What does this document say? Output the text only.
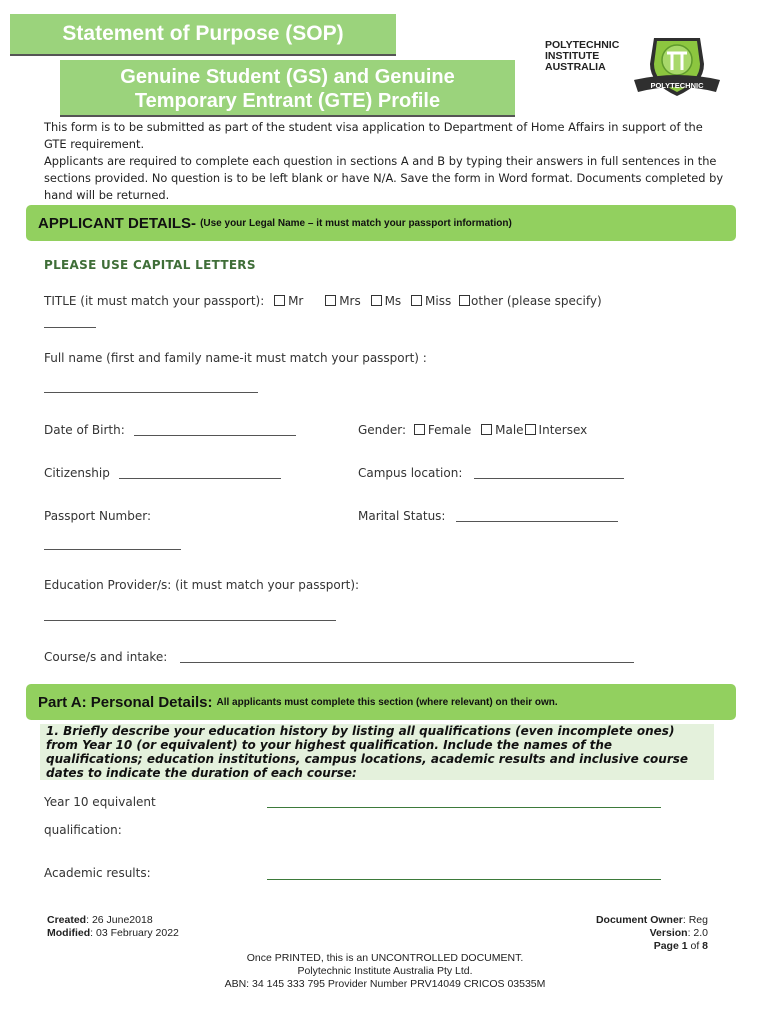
Statement of Purpose (SOP)
Genuine Student (GS) and Genuine
Temporary Entrant (GTE) Profile
POLYTECHNIC
INSTITUTE
AUSTRALIA
POLYTECHNIC
This form is to be submitted as part of the student visa application to Department of Home Affairs in support of the GTE requirement.
Applicants are required to complete each question in sections A and B by typing their answers in full sentences in the sections provided. No question is to be left blank or have N/A. Save the form in Word format. Documents completed by hand will be returned.
APPLICANT DETAILS- (Use your Legal Name – it must match your passport information)
PLEASE USE CAPITAL LETTERS
TITLE (it must match your passport): Mr	Mrs Ms Miss other (please specify)
Full name (first and family name-it must match your passport) :
Date of Birth:	Gender: Female Male Intersex
Citizenship	Campus location:
Passport Number:	Marital Status:
Education Provider/s: (it must match your passport):
Course/s and intake:
Part A: Personal Details: All applicants must complete this section (where relevant) on their own.
1. Briefly describe your education history by listing all qualifications (even incomplete ones) from Year 10 (or equivalent) to your highest qualification. Include the names of the qualifications; education institutions, campus locations, academic results and inclusive course dates to indicate the duration of each course:
Year 10 equivalent
qualification:
Academic results:
Created: 26 June2018
Modified: 03 February 2022
Document Owner: Reg
Version: 2.0
Page 1 of 8
Once PRINTED, this is an UNCONTROLLED DOCUMENT.
Polytechnic Institute Australia Pty Ltd.
ABN: 34 145 333 795 Provider Number PRV14049 CRICOS 03535M
